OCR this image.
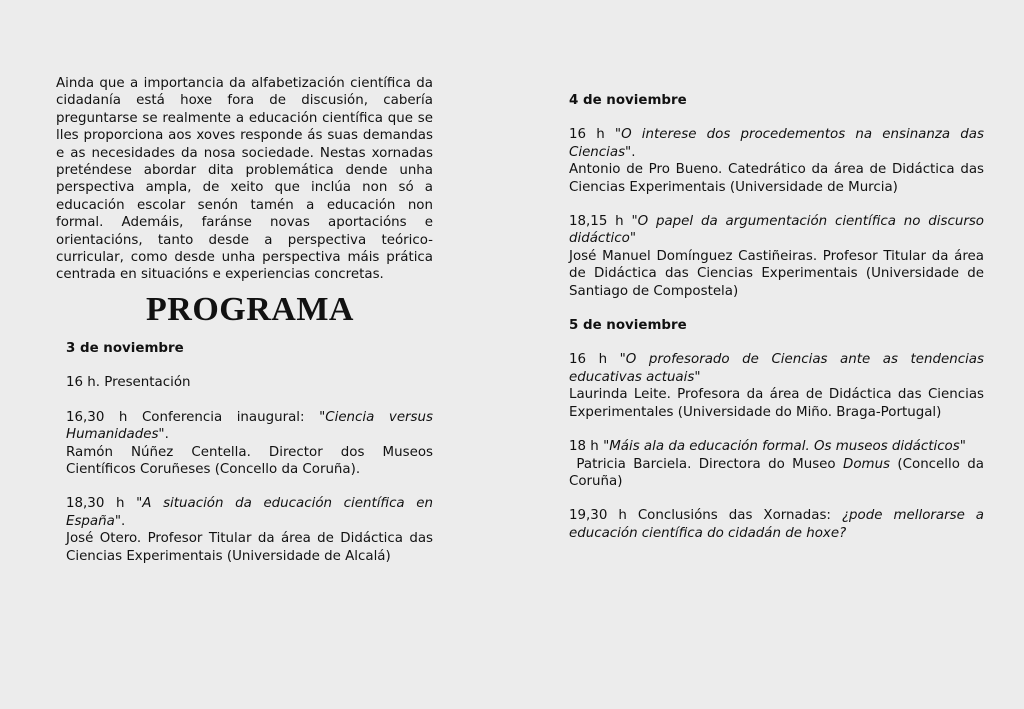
Ainda que a importancia da alfabetización científica da cidadanía está hoxe fora de discusión, cabería preguntarse se realmente a educación científica que se lles proporciona aos xoves responde ás suas demandas e as necesidades da nosa sociedade. Nestas xornadas preténdese abordar dita problemática dende unha perspectiva ampla, de xeito que inclúa non só a educación escolar senón tamén a educación non formal. Ademáis, faránse novas aportacións e orientacións, tanto desde a perspectiva teórico- curricular, como desde unha perspectiva máis prática centrada en situacións e experiencias concretas.

PROGRAMA
3 de noviembre

16 h. Presentación

16,30 h Conferencia inaugural: "Ciencia versus Humanidades".

Ramón Núñez Centella. Director dos Museos Científicos Coruñeses (Concello da Coruña).

18,30 h "A situación da educación científica en España".

José Otero. Profesor Titular da área de Didáctica das Ciencias Experimentais (Universidade de Alcalá)

4 de noviembre

16 h "O interese dos procedementos na ensinanza das Ciencias".

Antonio de Pro Bueno. Catedrático da área de Didáctica das Ciencias Experimentais (Universidade de Murcia)

18,15 h "O papel da argumentación científica no discurso didáctico"

José Manuel Domínguez Castiñeiras. Profesor Titular da área de Didáctica das Ciencias Experimentais (Universidade de Santiago de Compostela)

5 de noviembre

16 h "O profesorado de Ciencias ante as tendencias educativas actuais"

Laurinda Leite. Profesora da área de Didáctica das Ciencias Experimentales (Universidade do Miño. Braga-Portugal)

18 h "Máis ala da educación formal. Os museos didácticos"

Patricia Barciela. Directora do Museo Domus (Concello da Coruña)

19,30 h Conclusións das Xornadas: ¿pode mellorarse a educación científica do cidadán de hoxe?
